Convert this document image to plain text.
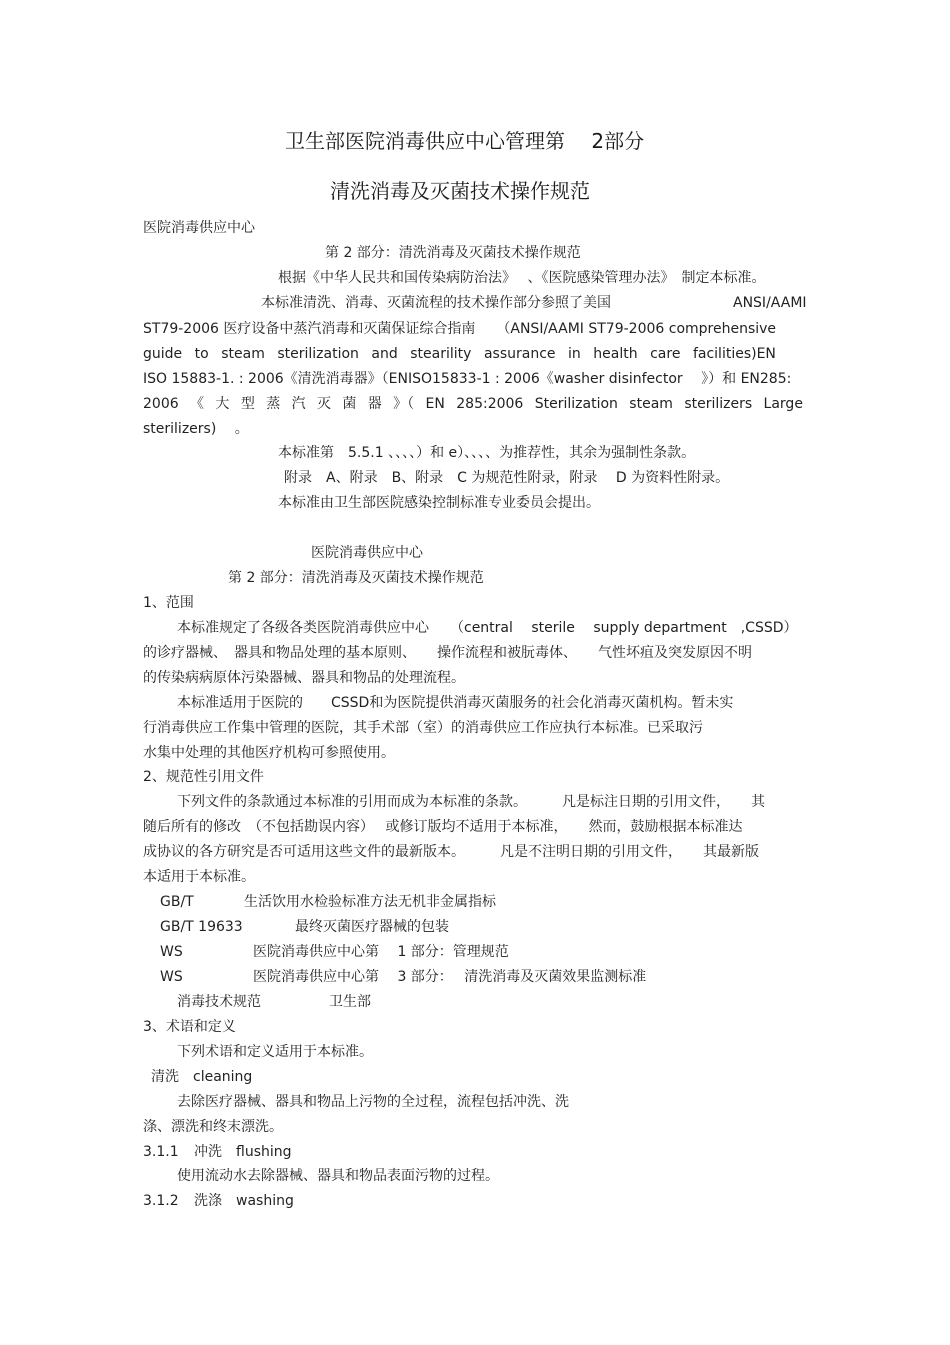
卫生部医院消毒供应中心管理第　 2部分
清洗消毒及灭菌技术操作规范
医院消毒供应中心
第 2 部分：清洗消毒及灭菌技术操作规范
根据《中华人民共和国传染病防治法》　 、《医院感染管理办法》　制定本标准。
本标准清洗、消毒、灭菌流程的技术操作部分参照了美国	ANSI/AAMI
ST79-2006 医疗设备中蒸汽消毒和灭菌保证综合指南　　（ANSI/AAMI ST79-2006 comprehensive
guide to steam sterilization and stearility assurance in health care facilities)EN
ISO 15883-1. : 2006《清洗消毒器》（ENISO15833-1 : 2006《washer disinfector　 》）和 EN285:
2006 《 大 型 蒸 汽 灭 菌 器 》（ EN 285:2006 Sterilization steam sterilizers Large
sterilizers)　 。
本标准第　5.5.1 、、、、）和 e）、、、、为推荐性，其余为强制性条款。
附录　A、附录　B、附录　C 为规范性附录，附录　 D 为资料性附录。
本标准由卫生部医院感染控制标准专业委员会提出。
医院消毒供应中心
第 2 部分：清洗消毒及灭菌技术操作规范
1、范围
本标准规定了各级各类医院消毒供应中心　　（central　 sterile　 supply department　,CSSD）
的诊疗器械、　器具和物品处理的基本原则、　　操作流程和被朊毒体、　　气性坏疽及突发原因不明
的传染病病原体污染器械、器具和物品的处理流程。
本标准适用于医院的　　CSSD和为医院提供消毒灭菌服务的社会化消毒灭菌机构。暂未实
行消毒供应工作集中管理的医院，其手术部（室）的消毒供应工作应执行本标准。已采取污
水集中处理的其他医疗机构可参照使用。
2、规范性引用文件
下列文件的条款通过本标准的引用而成为本标准的条款。　　　凡是标注日期的引用文件，　　其
随后所有的修改　（不包括勘误内容）　 或修订版均不适用于本标准，　　然而，鼓励根据本标准达
成协议的各方研究是否可适用这些文件的最新版本。　　　凡是不注明日期的引用文件，　　其最新版
本适用于本标准。
GB/T	生活饮用水检验标准方法无机非金属指标
GB/T 19633	最终灭菌医疗器械的包装
WS	医院消毒供应中心第　 1 部分：管理规范
WS	医院消毒供应中心第　 3 部分：　 清洗消毒及灭菌效果监测标准
消毒技术规范	卫生部
3、术语和定义
下列术语和定义适用于本标准。
清洗　cleaning
去除医疗器械、器具和物品上污物的全过程，流程包括冲洗、洗
涤、漂洗和终末漂洗。
3.1.1 冲洗　flushing
使用流动水去除器械、器具和物品表面污物的过程。
3.1.2 洗涤　washing
